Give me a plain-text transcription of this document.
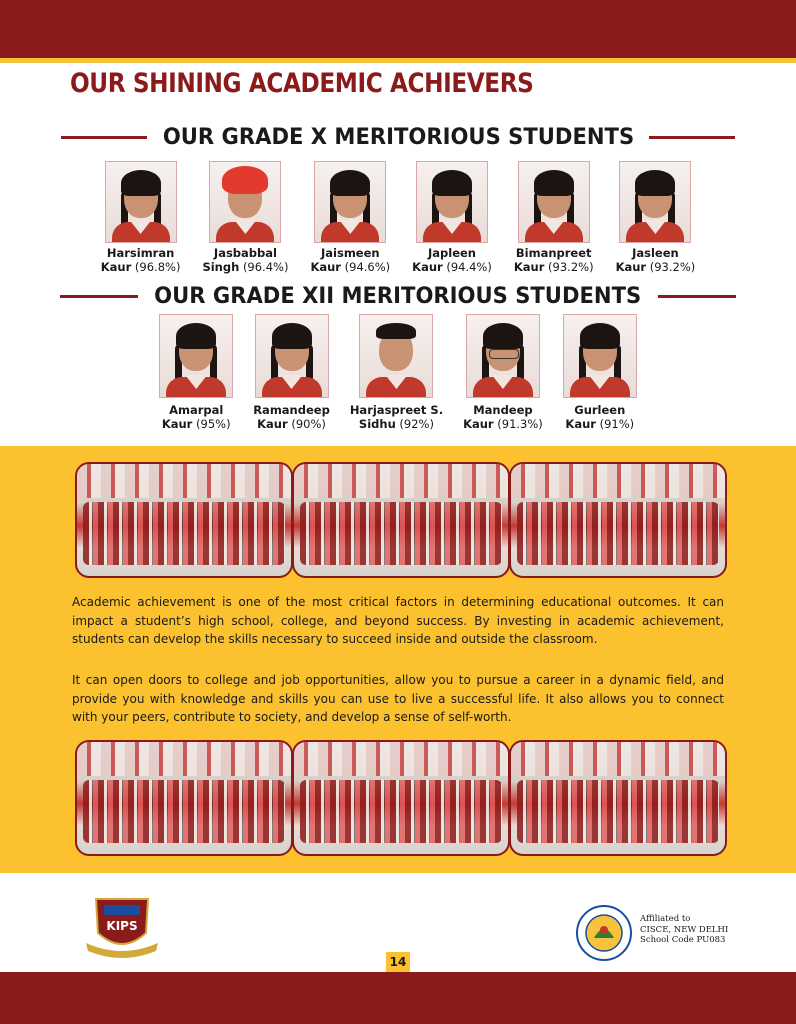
OUR SHINING ACADEMIC ACHIEVERS
OUR GRADE X MERITORIOUS STUDENTS
Harsimran
Kaur (96.8%)
Jasbabbal
Singh (96.4%)
Jaismeen
Kaur (94.6%)
Japleen
Kaur (94.4%)
Bimanpreet
Kaur (93.2%)
Jasleen
Kaur (93.2%)
OUR GRADE XII MERITORIOUS STUDENTS
Amarpal
Kaur (95%)
Ramandeep
Kaur (90%)
Harjaspreet S.
Sidhu (92%)
Mandeep
Kaur (91.3%)
Gurleen
Kaur (91%)

Academic achievement is one of the most critical factors in determining educational outcomes. It can impact a student’s high school, college, and beyond success. By investing in academic achievement, students can develop the skills necessary to succeed inside and outside the classroom.

It can open doors to college and job opportunities, allow you to pursue a career in a dynamic field, and provide you with knowledge and skills you can use to live a successful life. It also allows you to connect with your peers, contribute to society, and develop a sense of self-worth.

KIPS	Affiliated to
CISCE, NEW DELHI
School Code PU083
14
